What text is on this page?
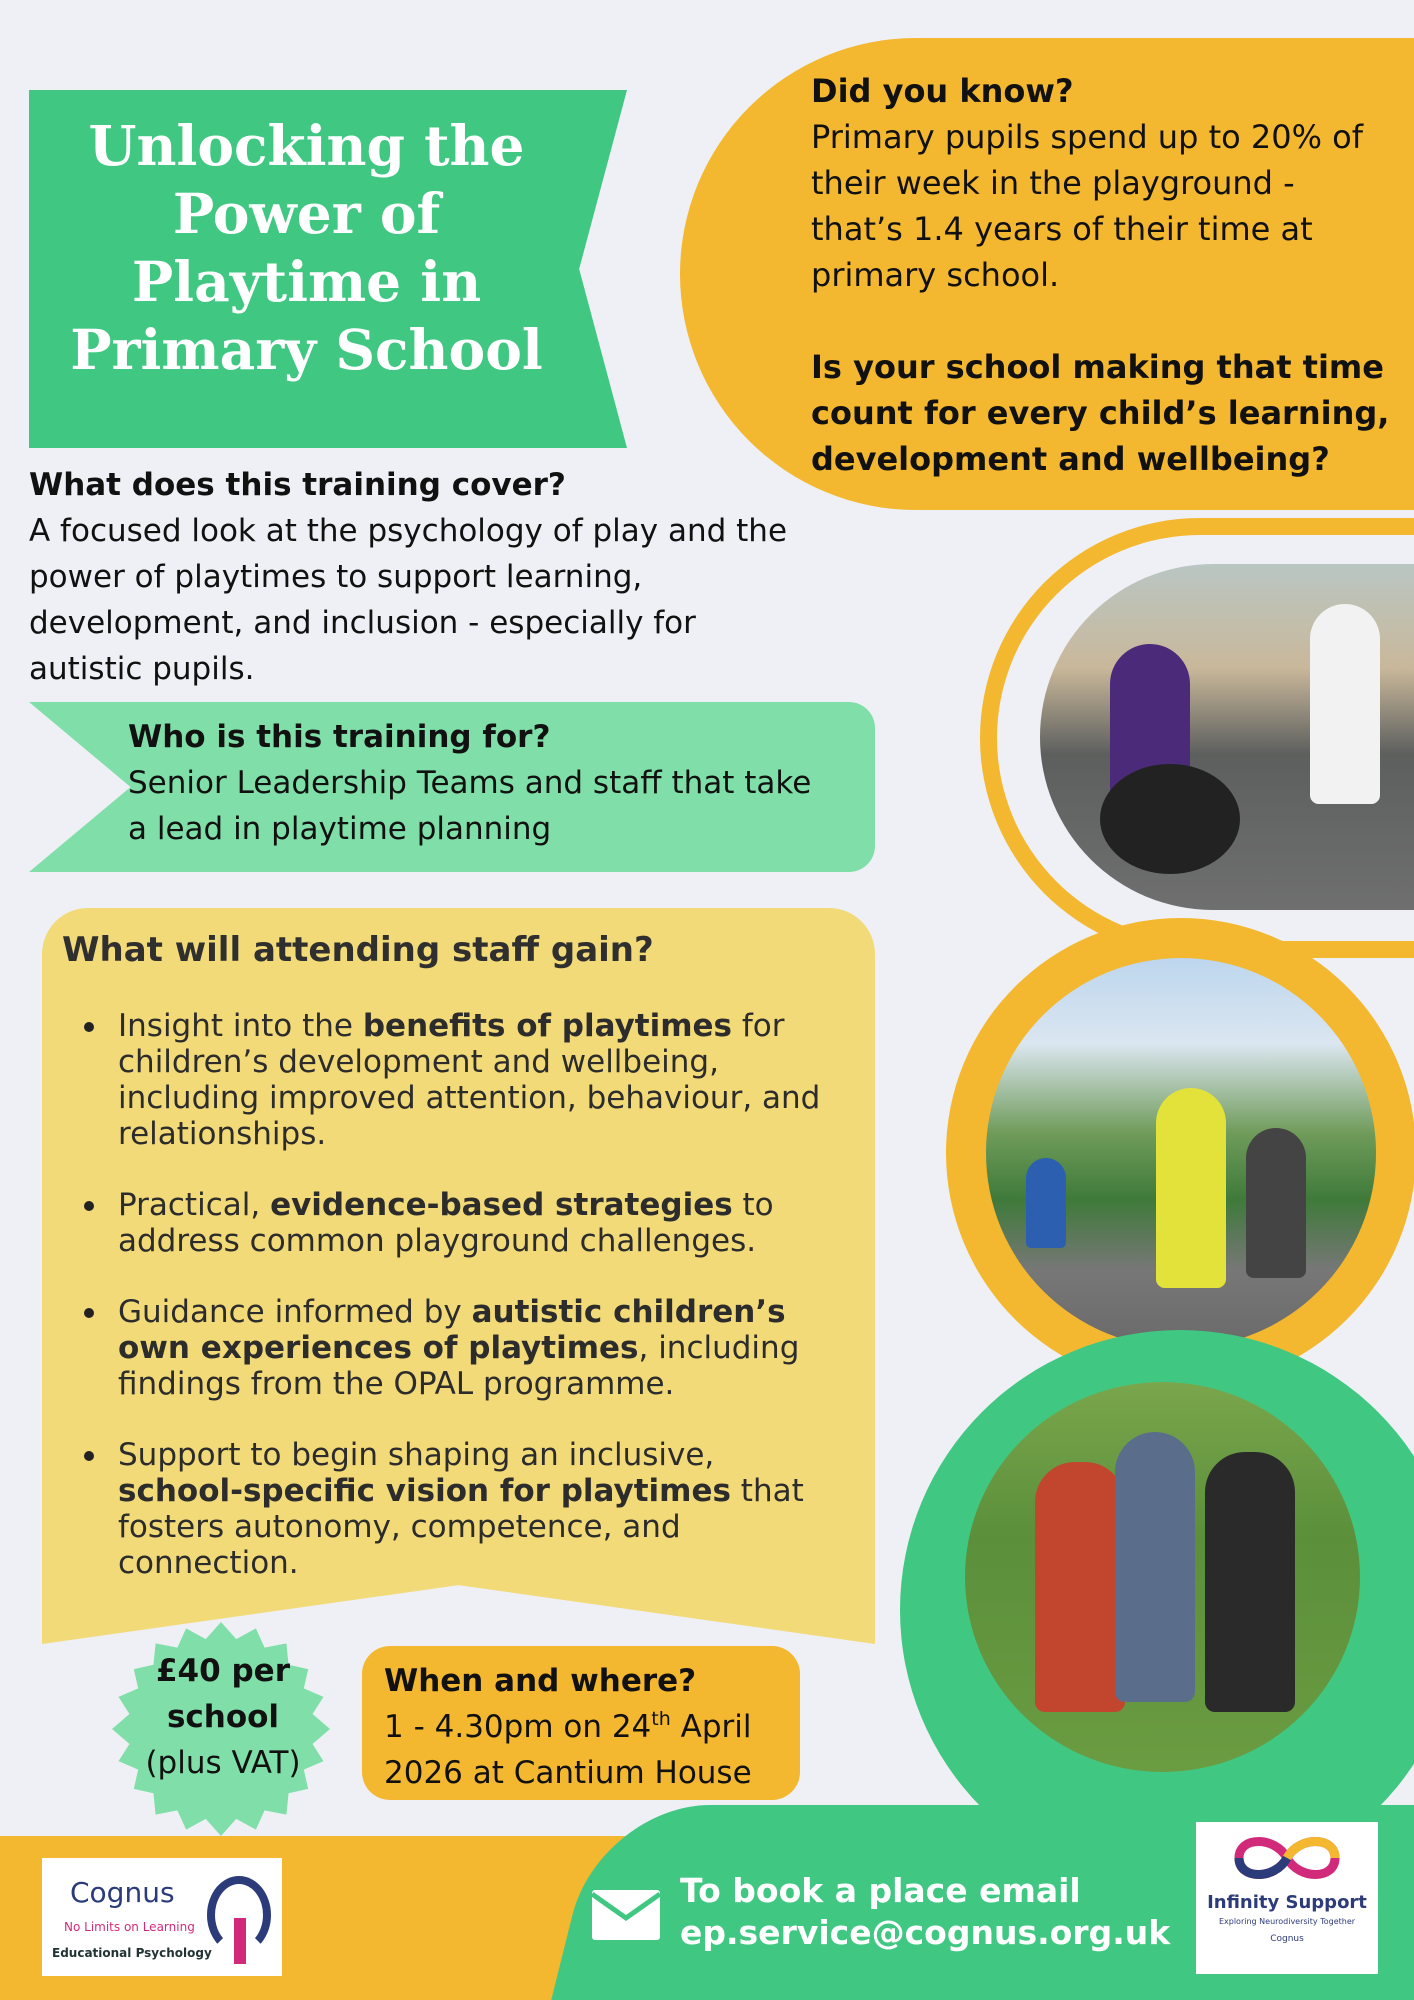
Unlocking the
Power of
Playtime in
Primary School
Did you know?
Primary pupils spend up to 20% of
their week in the playground -
that’s 1.4 years of their time at
primary school.
Is your school making that time
count for every child’s learning,
development and wellbeing?
What does this training cover?
A focused look at the psychology of play and the
power of playtimes to support learning,
development, and inclusion - especially for
autistic pupils.
Who is this training for?
Senior Leadership Teams and staff that take
a lead in playtime planning
What will attending staff gain?
Insight into the benefits of playtimes for children’s development and wellbeing, including improved attention, behaviour, and relationships.
Practical, evidence-based strategies to address common playground challenges.
Guidance informed by autistic children’s own experiences of playtimes, including findings from the OPAL programme.
Support to begin shaping an inclusive, school-specific vision for playtimes that fosters autonomy, competence, and connection.
£40 per
school
(plus VAT)
When and where?
1 - 4.30pm on 24th April
2026 at Cantium House
Cognus
No Limits on Learning
Educational Psychology
To book a place email
ep.service@cognus.org.uk
Infinity Support
Exploring Neurodiversity Together
Cognus
